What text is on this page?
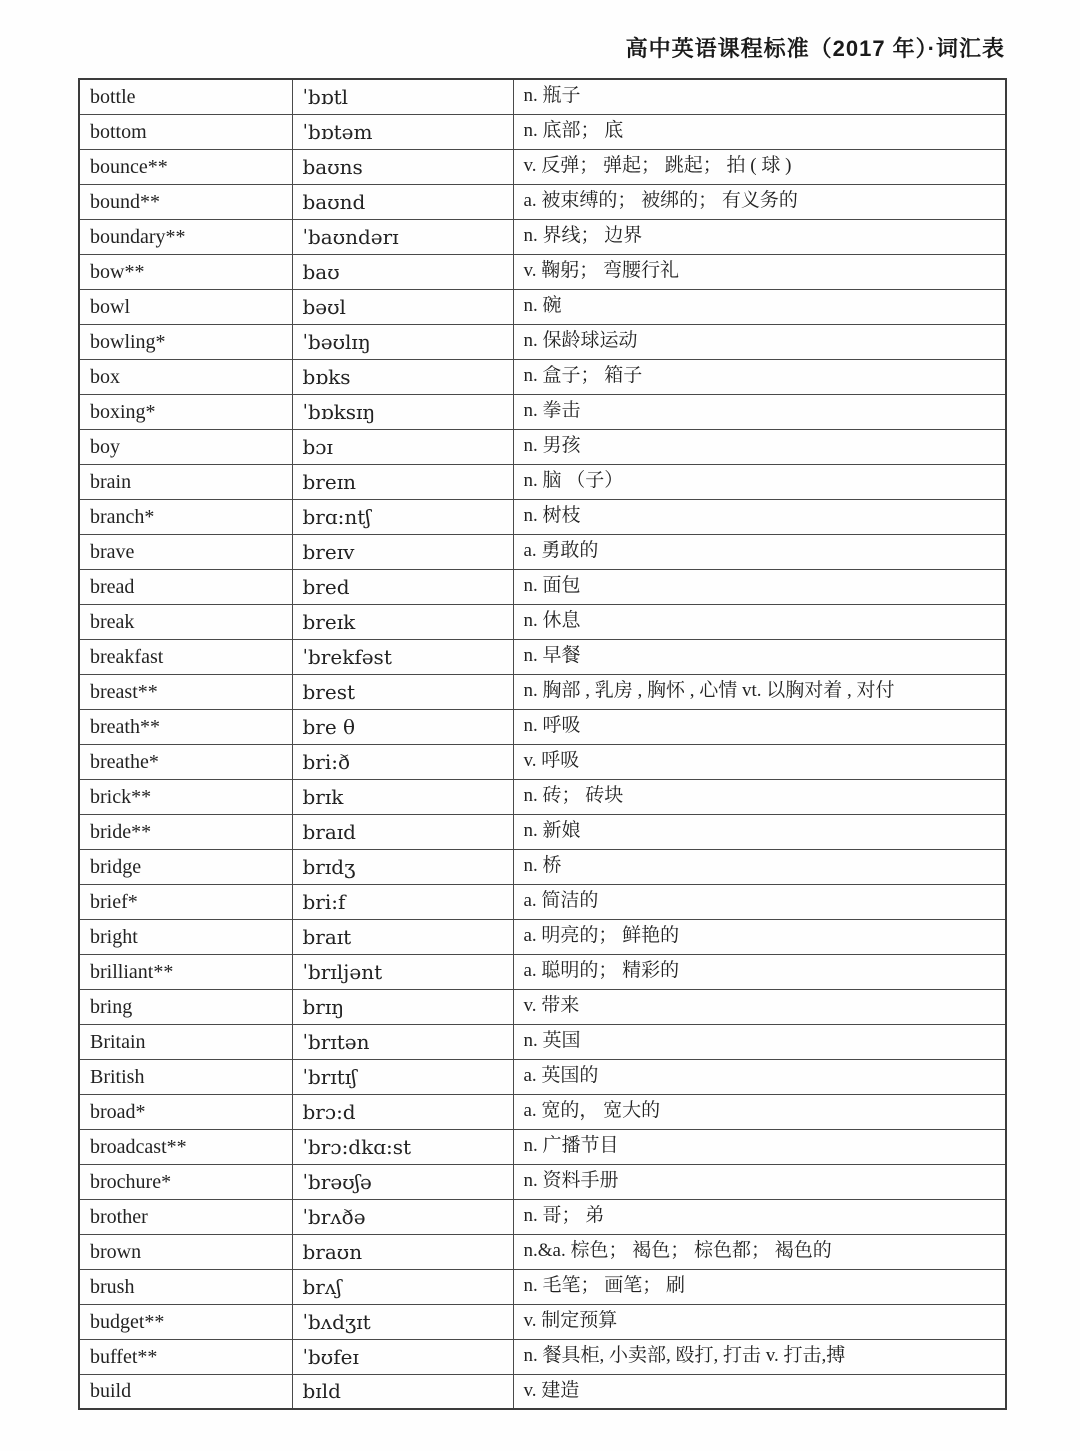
高中英语课程标准（2017 年）·词汇表
bottle	ˈbɒtl	n. 瓶子
bottom	ˈbɒtəm	n. 底部； 底
bounce**	baʊns	v. 反弹； 弹起； 跳起； 拍 ( 球 )
bound**	baʊnd	a. 被束缚的； 被绑的； 有义务的
boundary**	ˈbaʊndərɪ	n. 界线； 边界
bow**	baʊ	v. 鞠躬； 弯腰行礼
bowl	bəʊl	n. 碗
bowling*	ˈbəʊlɪŋ	n. 保龄球运动
box	bɒks	n. 盒子； 箱子
boxing*	ˈbɒksɪŋ	n. 拳击
boy	bɔɪ	n. 男孩
brain	breɪn	n. 脑 （子）
branch*	brɑ:ntʃ	n. 树枝
brave	breɪv	a. 勇敢的
bread	bred	n. 面包
break	breɪk	n. 休息
breakfast	ˈbrekfəst	n. 早餐
breast**	brest	n. 胸部 , 乳房 , 胸怀 , 心情 vt. 以胸对着 , 对付
breath**	bre θ	n. 呼吸
breathe*	bri:ð	v. 呼吸
brick**	brɪk	n. 砖； 砖块
bride**	braɪd	n. 新娘
bridge	brɪdʒ	n. 桥
brief*	bri:f	a. 简洁的
bright	braɪt	a. 明亮的； 鲜艳的
brilliant**	ˈbrɪljənt	a. 聪明的； 精彩的
bring	brɪŋ	v. 带来
Britain	ˈbrɪtən	n. 英国
British	ˈbrɪtɪʃ	a. 英国的
broad*	brɔ:d	a. 宽的， 宽大的
broadcast**	ˈbrɔ:dkɑ:st	n. 广播节目
brochure*	ˈbrəʊʃə	n. 资料手册
brother	ˈbrʌðə	n. 哥； 弟
brown	braʊn	n.&a. 棕色； 褐色； 棕色都； 褐色的
brush	brʌʃ	n. 毛笔； 画笔； 刷
budget**	ˈbʌdʒɪt	v. 制定预算
buffet**	ˈbʊfeɪ	n. 餐具柜, 小卖部, 殴打, 打击 v. 打击,搏
build	bɪld	v. 建造
